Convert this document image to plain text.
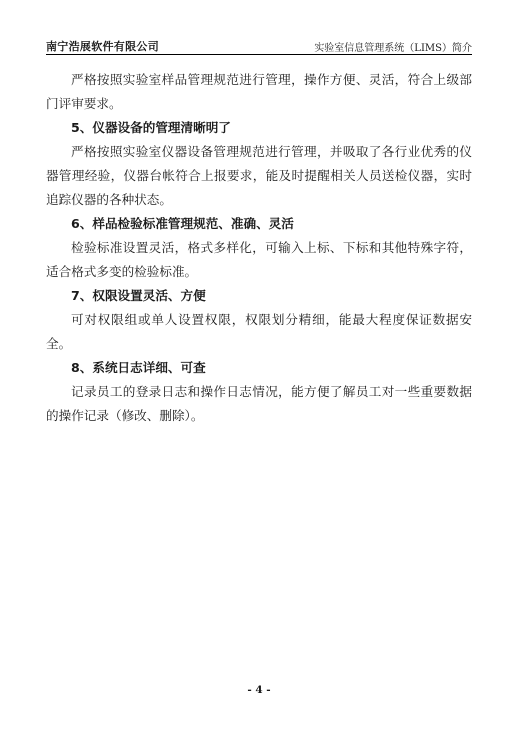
南宁浩展软件有限公司	实验室信息管理系统（LIMS）简介

严格按照实验室样品管理规范进行管理，操作方便、灵活，符合上级部门评审要求。

5、仪器设备的管理清晰明了

严格按照实验室仪器设备管理规范进行管理，并吸取了各行业优秀的仪器管理经验，仪器台帐符合上报要求，能及时提醒相关人员送检仪器，实时追踪仪器的各种状态。

6、样品检验标准管理规范、准确、灵活

检验标准设置灵活，格式多样化，可输入上标、下标和其他特殊字符，适合格式多变的检验标准。

7、权限设置灵活、方便

可对权限组或单人设置权限，权限划分精细，能最大程度保证数据安全。

8、系统日志详细、可查

记录员工的登录日志和操作日志情况，能方便了解员工对一些重要数据的操作记录（修改、删除）。

- 4 -
